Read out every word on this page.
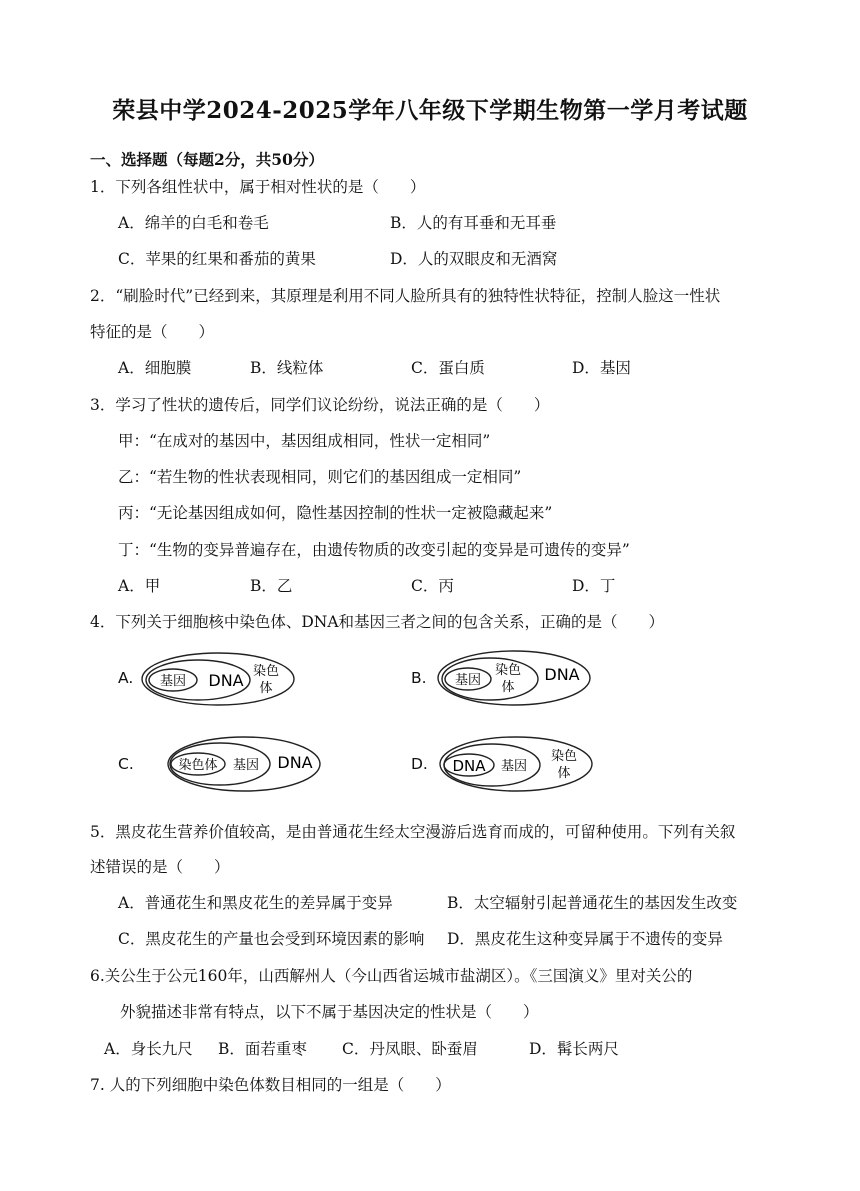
荣县中学2024-2025学年八年级下学期生物第一学月考试题
一、选择题（每题2分，共50分）
1．下列各组性状中，属于相对性状的是（　　）
A．绵羊的白毛和卷毛	B．人的有耳垂和无耳垂
C．苹果的红果和番茄的黄果	D．人的双眼皮和无酒窝
2．“刷脸时代”已经到来，其原理是利用不同人脸所具有的独特性状特征，控制人脸这一性状
特征的是（　　）
A．细胞膜	B．线粒体	C．蛋白质	D．基因
3．学习了性状的遗传后，同学们议论纷纷，说法正确的是（　　）
甲：“在成对的基因中，基因组成相同，性状一定相同”
乙：“若生物的性状表现相同，则它们的基因组成一定相同”
丙：“无论基因组成如何，隐性基因控制的性状一定被隐藏起来”
丁：“生物的变异普遍存在，由遗传物质的改变引起的变异是可遗传的变异”
A．甲	B．乙	C．丙	D．丁
4．下列关于细胞核中染色体、DNA和基因三者之间的包含关系，正确的是（　　）
A. 基因 DNA 染色
体
B. 基因
染色
体
DNA
C.	染色体 基因 DNA	D. DNA 基因
染色
体
5．黑皮花生营养价值较高，是由普通花生经太空漫游后选育而成的，可留种使用。下列有关叙
述错误的是（　　）
A．普通花生和黑皮花生的差异属于变异	B．太空辐射引起普通花生的基因发生改变
C．黑皮花生的产量也会受到环境因素的影响 D．黑皮花生这种变异属于不遗传的变异
6.关公生于公元160年，山西解州人（今山西省运城市盐湖区）。《三国演义》里对关公的
外貌描述非常有特点，以下不属于基因决定的性状是（　　）
A．身长九尺 B．面若重枣 C．丹凤眼、卧蚕眉	D．髯长两尺
7. 人的下列细胞中染色体数目相同的一组是（　　）
